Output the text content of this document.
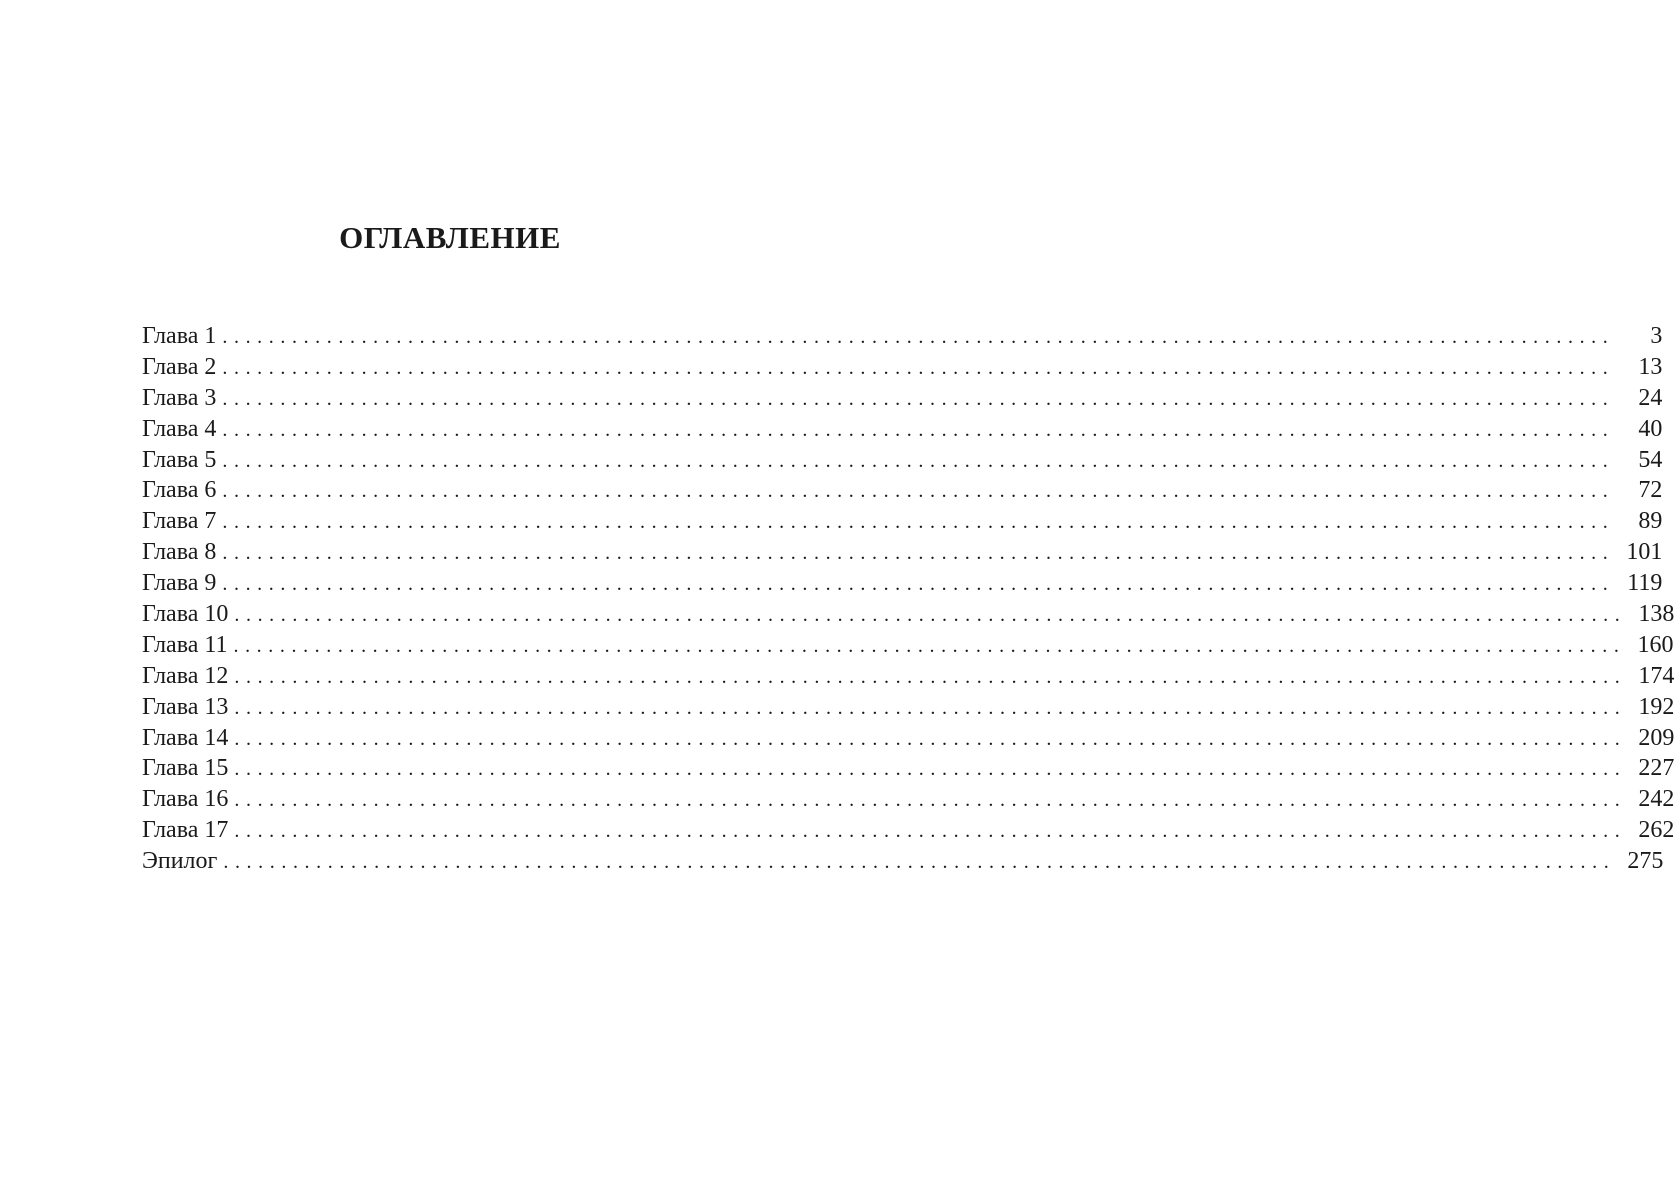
ОГЛАВЛЕНИЕ
Глава 1 ........................................................................................................................	3
Глава 2 ........................................................................................................................	13
Глава 3 ........................................................................................................................	24
Глава 4 ........................................................................................................................	40
Глава 5 ........................................................................................................................	54
Глава 6 ........................................................................................................................	72
Глава 7 ........................................................................................................................	89
Глава 8 ........................................................................................................................ 101
Глава 9 ........................................................................................................................ 119
Глава 10 ........................................................................................................................ 138
Глава 11 ........................................................................................................................ 160
Глава 12 ........................................................................................................................ 174
Глава 13 ........................................................................................................................ 192
Глава 14 ........................................................................................................................ 209
Глава 15 ........................................................................................................................ 227
Глава 16 ........................................................................................................................ 242
Глава 17 ........................................................................................................................ 262
Эпилог ........................................................................................................................ 275
